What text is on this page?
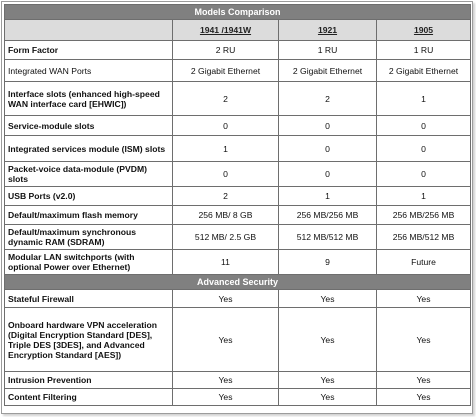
Models Comparison			
	1941 /1941W	1921	1905
Form Factor	2 RU	1 RU	1 RU
Integrated WAN Ports	2 Gigabit Ethernet	2 Gigabit Ethernet	2 Gigabit Ethernet
Interface slots (enhanced high-speed WAN interface card [EHWIC])	2	2	1
Service-module slots	0	0	0
Integrated services module (ISM) slots	1	0	0
Packet-voice data-module (PVDM) slots	0	0	0
USB Ports (v2.0)	2	1	1
Default/maximum flash memory	256 MB/ 8 GB	256 MB/256 MB	256 MB/256 MB
Default/maximum synchronous dynamic RAM (SDRAM)	512 MB/ 2.5 GB	512 MB/512 MB	256 MB/512 MB
Modular LAN switchports (with optional Power over Ethernet)	11	9	Future
Advanced Security			
Stateful Firewall	Yes	Yes	Yes
Onboard hardware VPN acceleration (Digital Encryption Standard [DES], Triple DES [3DES], and Advanced Encryption Standard [AES])	Yes	Yes	Yes
Intrusion Prevention	Yes	Yes	Yes
Content Filtering	Yes	Yes	Yes
